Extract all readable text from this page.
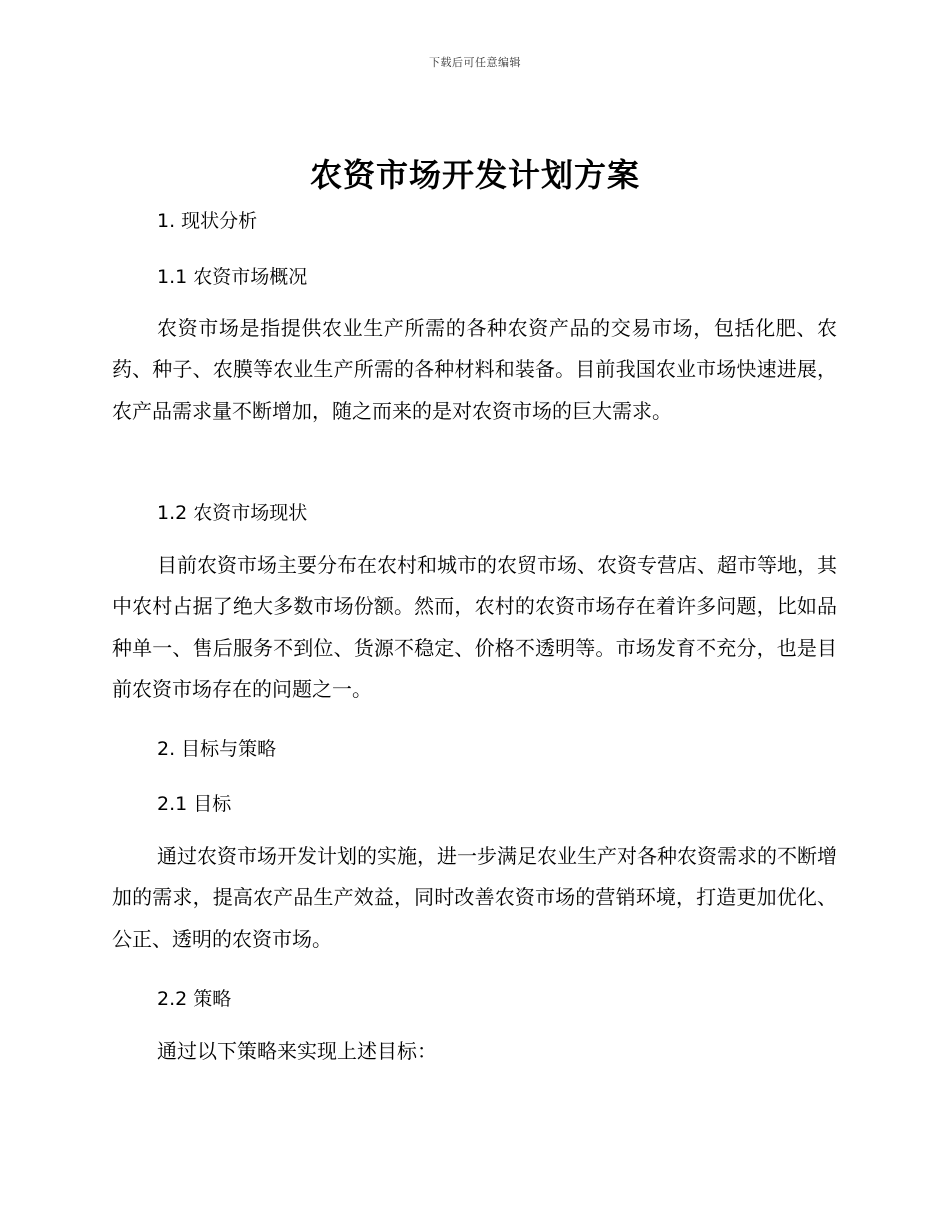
下载后可任意编辑
农资市场开发计划方案
1. 现状分析
1.1 农资市场概况

农资市场是指提供农业生产所需的各种农资产品的交易市场，包括化肥、农药、种子、农膜等农业生产所需的各种材料和装备。目前我国农业市场快速进展，农产品需求量不断增加，随之而来的是对农资市场的巨大需求。

1.2 农资市场现状

目前农资市场主要分布在农村和城市的农贸市场、农资专营店、超市等地，其中农村占据了绝大多数市场份额。然而，农村的农资市场存在着许多问题，比如品种单一、售后服务不到位、货源不稳定、价格不透明等。市场发育不充分，也是目前农资市场存在的问题之一。

2. 目标与策略
2.1 目标

通过农资市场开发计划的实施，进一步满足农业生产对各种农资需求的不断增加的需求，提高农产品生产效益，同时改善农资市场的营销环境，打造更加优化、公正、透明的农资市场。

2.2 策略

通过以下策略来实现上述目标：
